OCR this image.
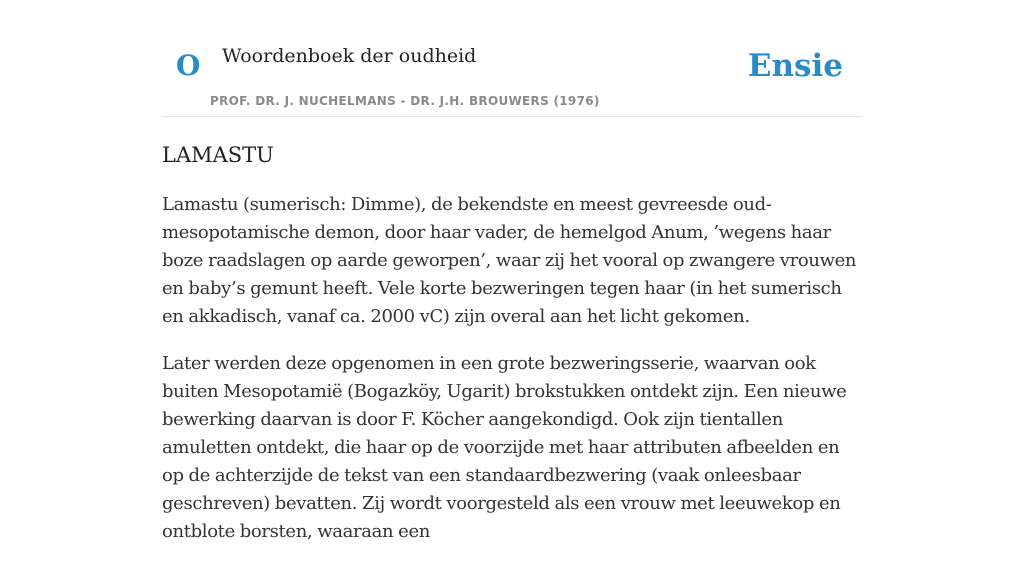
O Woordenboek der oudheid
PROF. DR. J. NUCHELMANS - DR. J.H. BROUWERS (1976)
Ensie
LAMASTU

Lamastu (sumerisch: Dimme), de bekendste en meest gevreesde oud-mesopotamische demon, door haar vader, de hemelgod Anum, ’wegens haar boze raadslagen op aarde geworpen’, waar zij het vooral op zwangere vrouwen en baby’s gemunt heeft. Vele korte bezweringen tegen haar (in het sumerisch en akkadisch, vanaf ca. 2000 vC) zijn overal aan het licht gekomen.

Later werden deze opgenomen in een grote bezweringsserie, waarvan ook buiten Mesopotamië (Bogazköy, Ugarit) brokstukken ontdekt zijn. Een nieuwe bewerking daarvan is door F. Köcher aangekondigd. Ook zijn tientallen amuletten ontdekt, die haar op de voorzijde met haar attributen afbeelden en op de achterzijde de tekst van een standaardbezwering (vaak onleesbaar geschreven) bevatten. Zij wordt voorgesteld als een vrouw met leeuwekop en ontblote borsten, waaraan een
